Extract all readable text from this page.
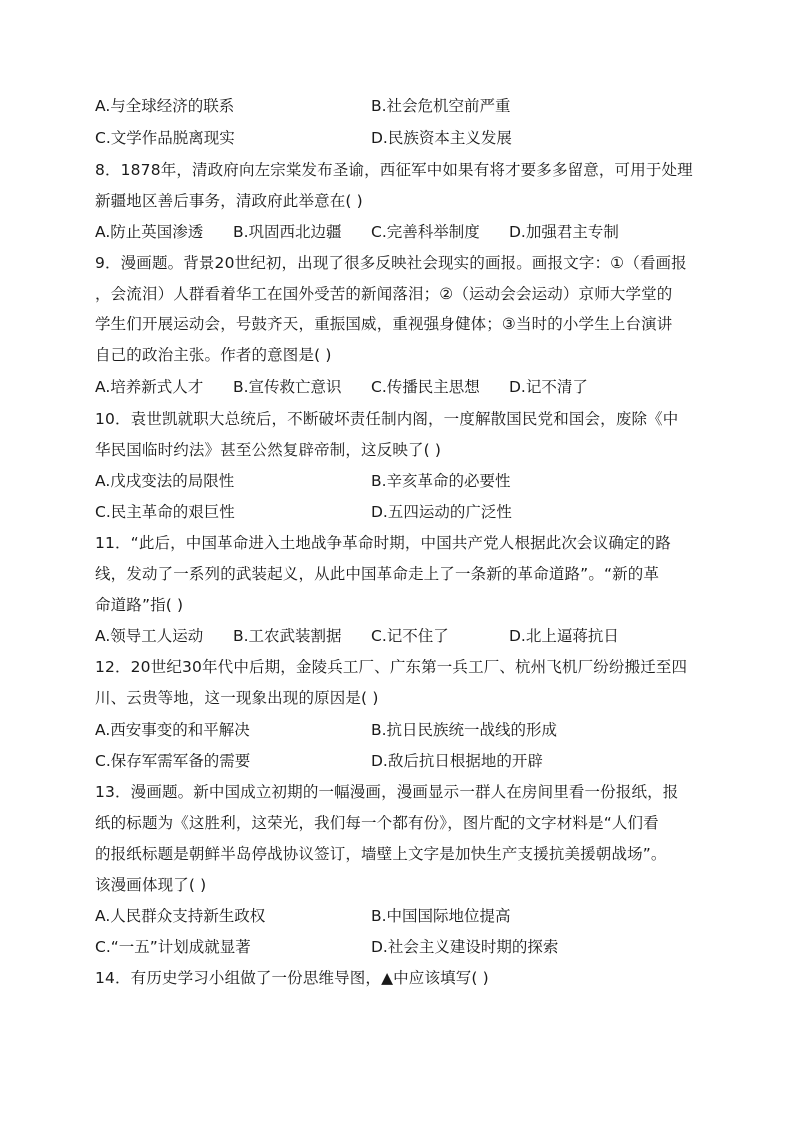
A.与全球经济的联系	B.社会危机空前严重
C.文学作品脱离现实	D.民族资本主义发展
8．1878年，清政府向左宗棠发布圣谕，西征军中如果有将才要多多留意，可用于处理
新疆地区善后事务，清政府此举意在( )
A.防止英国渗透 B.巩固西北边疆 C.完善科举制度 D.加强君主专制
9．漫画题。背景20世纪初，出现了很多反映社会现实的画报。画报文字：①（看画报
，会流泪）人群看着华工在国外受苦的新闻落泪；②（运动会会运动）京师大学堂的
学生们开展运动会，号鼓齐天，重振国威，重视强身健体；③当时的小学生上台演讲
自己的政治主张。作者的意图是( )
A.培养新式人才 B.宣传救亡意识 C.传播民主思想 D.记不清了
10．袁世凯就职大总统后，不断破坏责任制内阁，一度解散国民党和国会，废除《中
华民国临时约法》甚至公然复辟帝制，这反映了( )
A.戊戌变法的局限性	B.辛亥革命的必要性
C.民主革命的艰巨性	D.五四运动的广泛性
11．“此后，中国革命进入土地战争革命时期，中国共产党人根据此次会议确定的路
线，发动了一系列的武装起义，从此中国革命走上了一条新的革命道路”。“新的革
命道路”指( )
A.领导工人运动 B.工农武装割据 C.记不住了	D.北上逼蒋抗日
12．20世纪30年代中后期，金陵兵工厂、广东第一兵工厂、杭州飞机厂纷纷搬迁至四
川、云贵等地，这一现象出现的原因是( )
A.西安事变的和平解决	B.抗日民族统一战线的形成
C.保存军需军备的需要	D.敌后抗日根据地的开辟
13．漫画题。新中国成立初期的一幅漫画，漫画显示一群人在房间里看一份报纸，报
纸的标题为《这胜利，这荣光，我们每一个都有份》，图片配的文字材料是“人们看
的报纸标题是朝鲜半岛停战协议签订，墙壁上文字是加快生产支援抗美援朝战场”。
该漫画体现了( )
A.人民群众支持新生政权	B.中国国际地位提高
C.“一五”计划成就显著	D.社会主义建设时期的探索
14．有历史学习小组做了一份思维导图，▲中应该填写( )
